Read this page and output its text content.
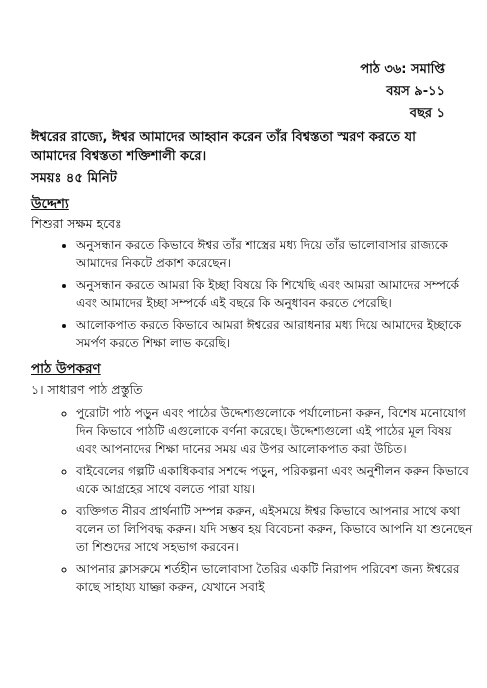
পাঠ ৩৬: সমাপ্তি
বয়স ৯-১১
বছর ১
ঈশ্বরের রাজ্যে, ঈশ্বর আমাদের আহ্বান করেন তাঁর বিশ্বস্ততা স্মরণ করতে যা আমাদের বিশ্বস্ততা শক্তিশালী করে।
সময়ঃ ৪৫ মিনিট
উদ্দেশ্য
শিশুরা সক্ষম হবেঃ
• অনুসন্ধান করতে কিভাবে ঈশ্বর তাঁর শাস্ত্রের মধ্য দিয়ে তাঁর ভালোবাসার রাজ্যকে আমাদের নিকটে প্রকাশ করেছেন।
• অনুসন্ধান করতে আমরা কি ইচ্ছা বিষয়ে কি শিখেছি এবং আমরা আমাদের সম্পর্কে এবং আমাদের ইচ্ছা সম্পর্কে এই বছরে কি অনুধাবন করতে পেরেছি।
• আলোকপাত করতে কিভাবে আমরা ঈশ্বরের আরাধনার মধ্য দিয়ে আমাদের ইচ্ছাকে সমর্পণ করতে শিক্ষা লাভ করেছি।
পাঠ উপকরণ
১। সাধারণ পাঠ প্রস্তুতি
◦ পুরোটা পাঠ পড়ুন এবং পাঠের উদ্দেশ্যগুলোকে পর্যালোচনা করুন, বিশেষ মনোযোগ দিন কিভাবে পাঠটি এগুলোকে বর্ণনা করেছে। উদ্দেশ্যগুলো এই পাঠের মূল বিষয় এবং আপনাদের শিক্ষা দানের সময় এর উপর আলোকপাত করা উচিত।
◦ বাইবেলের গল্পটি একাধিকবার সশব্দে পড়ুন, পরিকল্পনা এবং অনুশীলন করুন কিভাবে একে আগ্রহের সাথে বলতে পারা যায়।
◦ ব্যক্তিগত নীরব প্রার্থনাটি সম্পন্ন করুন, এইসময়ে ঈশ্বর কিভাবে আপনার সাথে কথা বলেন তা লিপিবদ্ধ করুন। যদি সম্ভব হয় বিবেচনা করুন, কিভাবে আপনি যা শুনেছেন তা শিশুদের সাথে সহভাগ করবেন।
◦ আপনার ক্লাসরুমে শর্তহীন ভালোবাসা তৈরির একটি নিরাপদ পরিবেশ জন্য ঈশ্বরের কাছে সাহায্য যাচ্ঞা করুন, যেখানে সবাই
